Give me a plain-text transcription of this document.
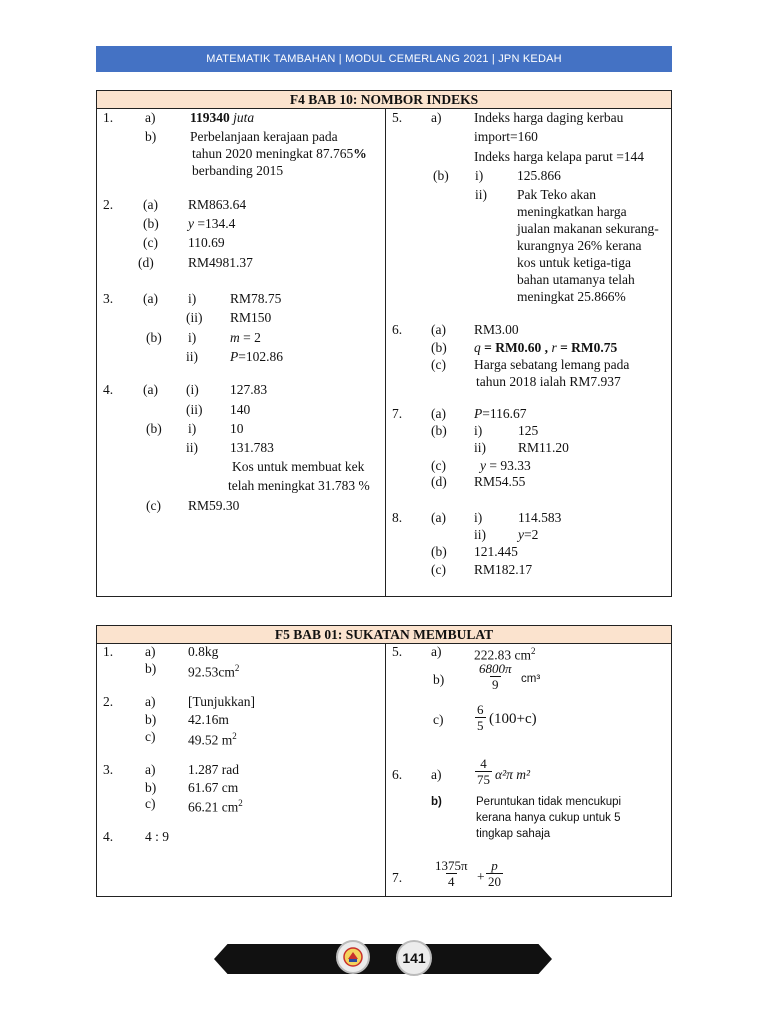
MATEMATIK TAMBAHAN | MODUL CEMERLANG 2021 | JPN KEDAH
F4 BAB 10: NOMBOR INDEKS
1. a)	119340 juta
b)	Perbelanjaan kerajaan pada
tahun 2020 meningkat 87.765%
berbanding 2015
2. (a) RM863.64
(b) y =134.4
(c) 110.69
(d)	RM4981.37
3. (a) i)	RM78.75
(ii) RM150
(b) i)	m = 2
ii) P=102.86
4. (a) (i) 127.83
(ii) 140
(b) i)	10
ii) 131.783
Kos untuk membuat kek
telah meningkat 31.783 %
(c) RM59.30
5. a) Indeks harga daging kerbau
import=160
Indeks harga kelapa parut =144
(b) i)	125.866
ii) Pak Teko akan
meningkatkan harga
jualan makanan sekurang-
kurangnya 26% kerana
kos untuk ketiga-tiga
bahan utamanya telah
meningkat 25.866%
6. (a) RM3.00
(b) q = RM0.60 , r = RM0.75
(c) Harga sebatang lemang pada
tahun 2018 ialah RM7.937
7. (a) P=116.67
(b) i)	125
ii) RM11.20
(c)	y = 93.33
(d) RM54.55
8. (a) i)	114.583
ii) y=2
(b) 121.445
(c) RM182.17
F5 BAB 01: SUKATAN MEMBULAT
1. a) 0.8kg
b) $92.53cm^2$
2. a) [Tunjukkan]
b) 42.16m
c) 49.52 $m^2$
3. a) 1.287 rad
b) 61.67 cm
c) 66.21 $cm^2$
4. 4 : 9
5. a) 222.83 $cm^2$
b)	$\frac{6800\pi}{9} cm^3$
$c) \frac{6}{5} (100+c)$
6. a)	$\frac{4}{75} \alpha^2\pi$ m²
b)	Peruntukan tidak mencukupi
kerana hanya cukup untuk 5
tingkap sahaja
7. $\frac{1375\pi}{4} + \frac{p}{20}$
141
